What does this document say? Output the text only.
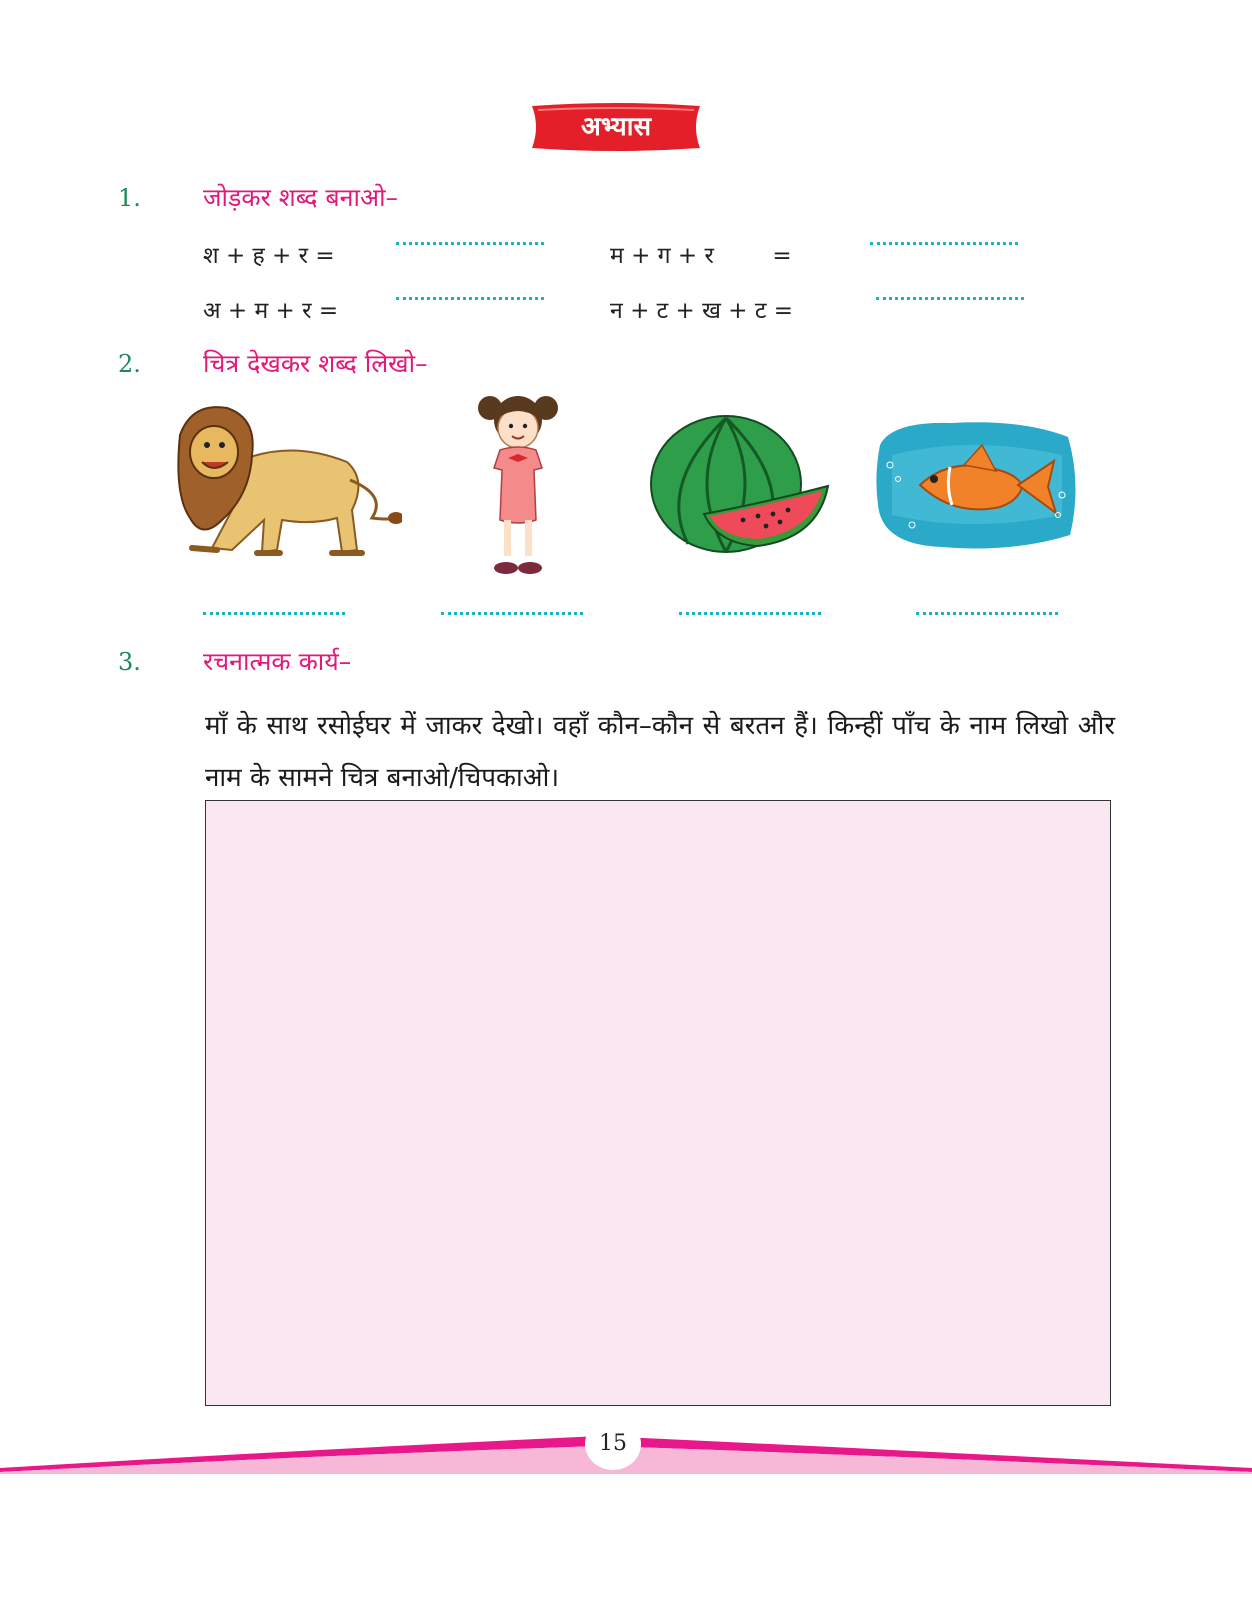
अभ्यास
1. जोड़कर शब्द बनाओ–
श + ह + र =	म + ग + र        =
अ + म + र =	न + ट + ख + ट =
2. चित्र देखकर शब्द लिखो–
3. रचनात्मक कार्य–
माँ के साथ रसोईघर में जाकर देखो। वहाँ कौन–कौन से बरतन हैं। किन्हीं पाँच के नाम लिखो और नाम के सामने चित्र बनाओ/चिपकाओ।
15
